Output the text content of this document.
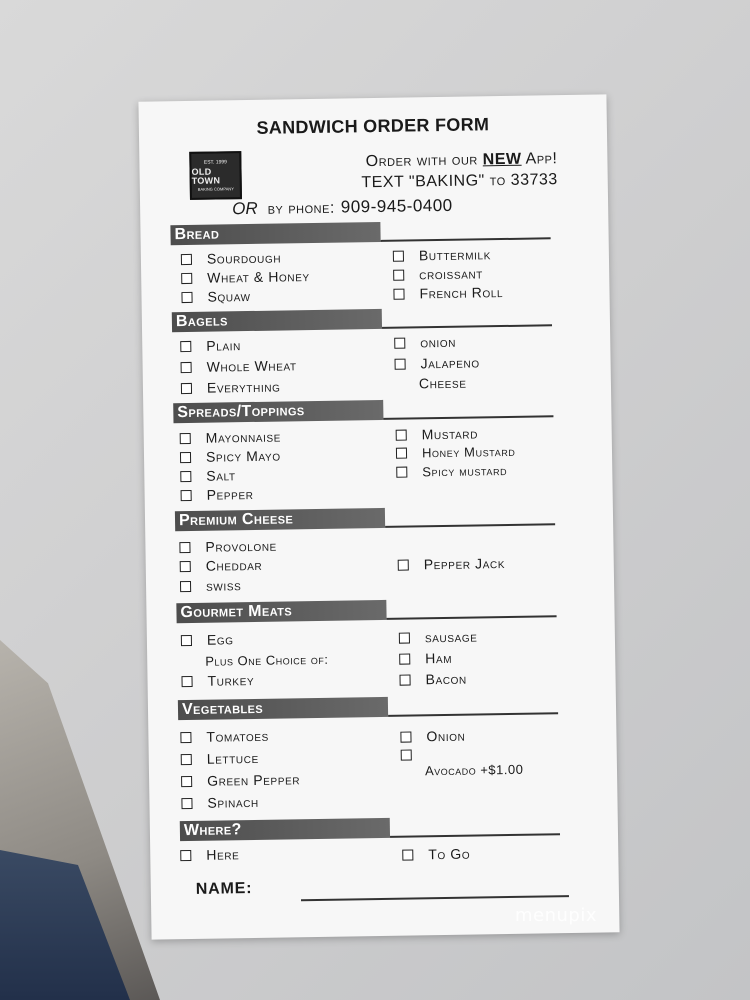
SANDWICH ORDER FORM
EST. 1999
OLD TOWN
BAKING COMPANY
Order with our NEW App!
TEXT "BAKING" to 33733
OR by phone: 909-945-0400
Bread
Sourdough
Wheat & Honey
Squaw
Buttermilk
croissant
French Roll
Bagels
Plain
Whole Wheat
Everything
onion
Jalapeno
Cheese
Spreads/Toppings
Mayonnaise
Spicy Mayo
Salt
Pepper
Mustard
Honey Mustard
Spicy mustard
Premium Cheese
Provolone
Cheddar
swiss
Pepper Jack
Gourmet Meats
Egg
Plus One Choice of:
Turkey
sausage
Ham
Bacon
Vegetables
Tomatoes
Lettuce
Green Pepper
Spinach
Onion
Avocado +$1.00
Where?
Here	To Go
NAME:
menupix
